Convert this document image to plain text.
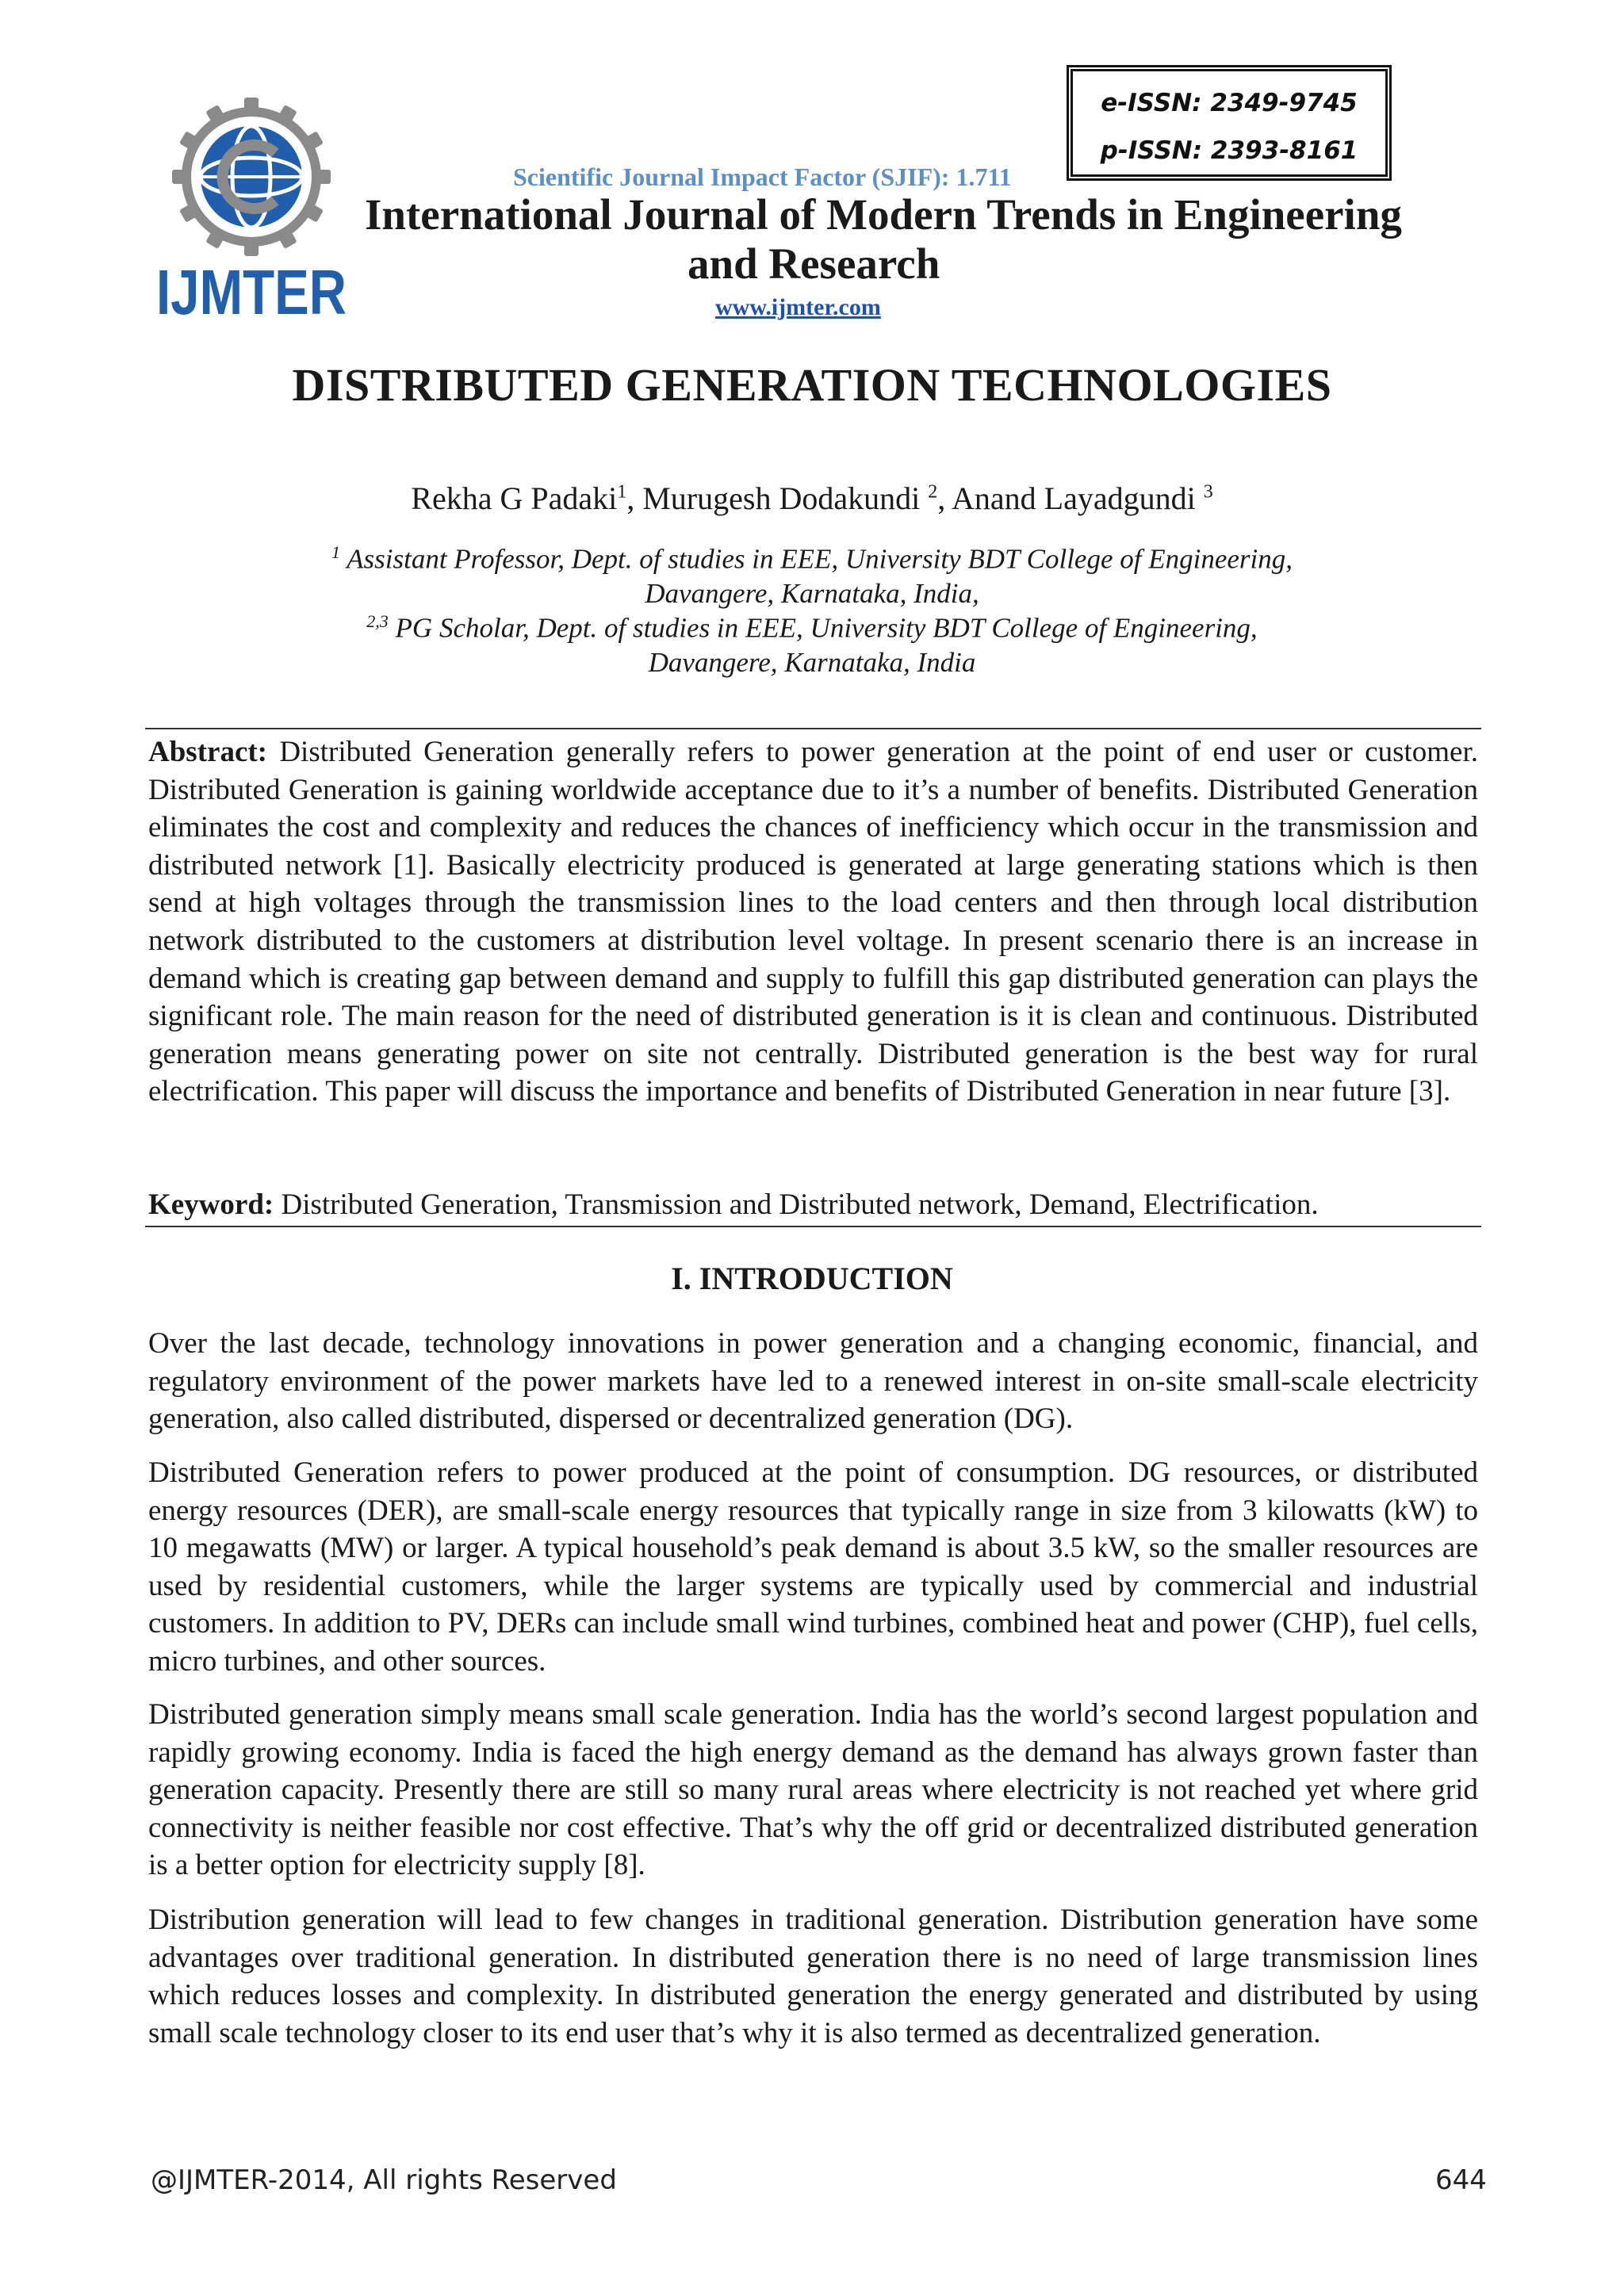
IJMTER
e-ISSN: 2349-9745
p-ISSN: 2393-8161
Scientific Journal Impact Factor (SJIF): 1.711
International Journal of Modern Trends in Engineering
and Research
www.ijmter.com
DISTRIBUTED GENERATION TECHNOLOGIES
Rekha G Padaki$^1$, Murugesh Dodakundi $^2$, Anand Layadgundi $^3$
$^1$ Assistant Professor, Dept. of studies in EEE, University BDT College of Engineering,
Davangere, Karnataka, India,
$^{2,3}$ PG Scholar, Dept. of studies in EEE, University BDT College of Engineering,
Davangere, Karnataka, India
Abstract: Distributed Generation generally refers to power generation at the point of end user or customer. Distributed Generation is gaining worldwide acceptance due to it’s a number of benefits. Distributed Generation eliminates the cost and complexity and reduces the chances of inefficiency which occur in the transmission and distributed network [1]. Basically electricity produced is generated at large generating stations which is then send at high voltages through the transmission lines to the load centers and then through local distribution network distributed to the customers at distribution level voltage. In present scenario there is an increase in demand which is creating gap between demand and supply to fulfill this gap distributed generation can plays the significant role. The main reason for the need of distributed generation is it is clean and continuous. Distributed generation means generating power on site not centrally. Distributed generation is the best way for rural electrification. This paper will discuss the importance and benefits of Distributed Generation in near future [3].
Keyword: Distributed Generation, Transmission and Distributed network, Demand, Electrification.
I. INTRODUCTION
Over the last decade, technology innovations in power generation and a changing economic, financial, and regulatory environment of the power markets have led to a renewed interest in on-site small-scale electricity generation, also called distributed, dispersed or decentralized generation (DG).
Distributed Generation refers to power produced at the point of consumption. DG resources, or distributed energy resources (DER), are small-scale energy resources that typically range in size from 3 kilowatts (kW) to 10 megawatts (MW) or larger. A typical household’s peak demand is about 3.5 kW, so the smaller resources are used by residential customers, while the larger systems are typically used by commercial and industrial customers. In addition to PV, DERs can include small wind turbines, combined heat and power (CHP), fuel cells, micro turbines, and other sources.
Distributed generation simply means small scale generation. India has the world’s second largest population and rapidly growing economy. India is faced the high energy demand as the demand has always grown faster than generation capacity. Presently there are still so many rural areas where electricity is not reached yet where grid connectivity is neither feasible nor cost effective. That’s why the off grid or decentralized distributed generation is a better option for electricity supply [8].
Distribution generation will lead to few changes in traditional generation. Distribution generation have some advantages over traditional generation. In distributed generation there is no need of large transmission lines which reduces losses and complexity. In distributed generation the energy generated and distributed by using small scale technology closer to its end user that’s why it is also termed as decentralized generation.
@IJMTER-2014, All rights Reserved	644
